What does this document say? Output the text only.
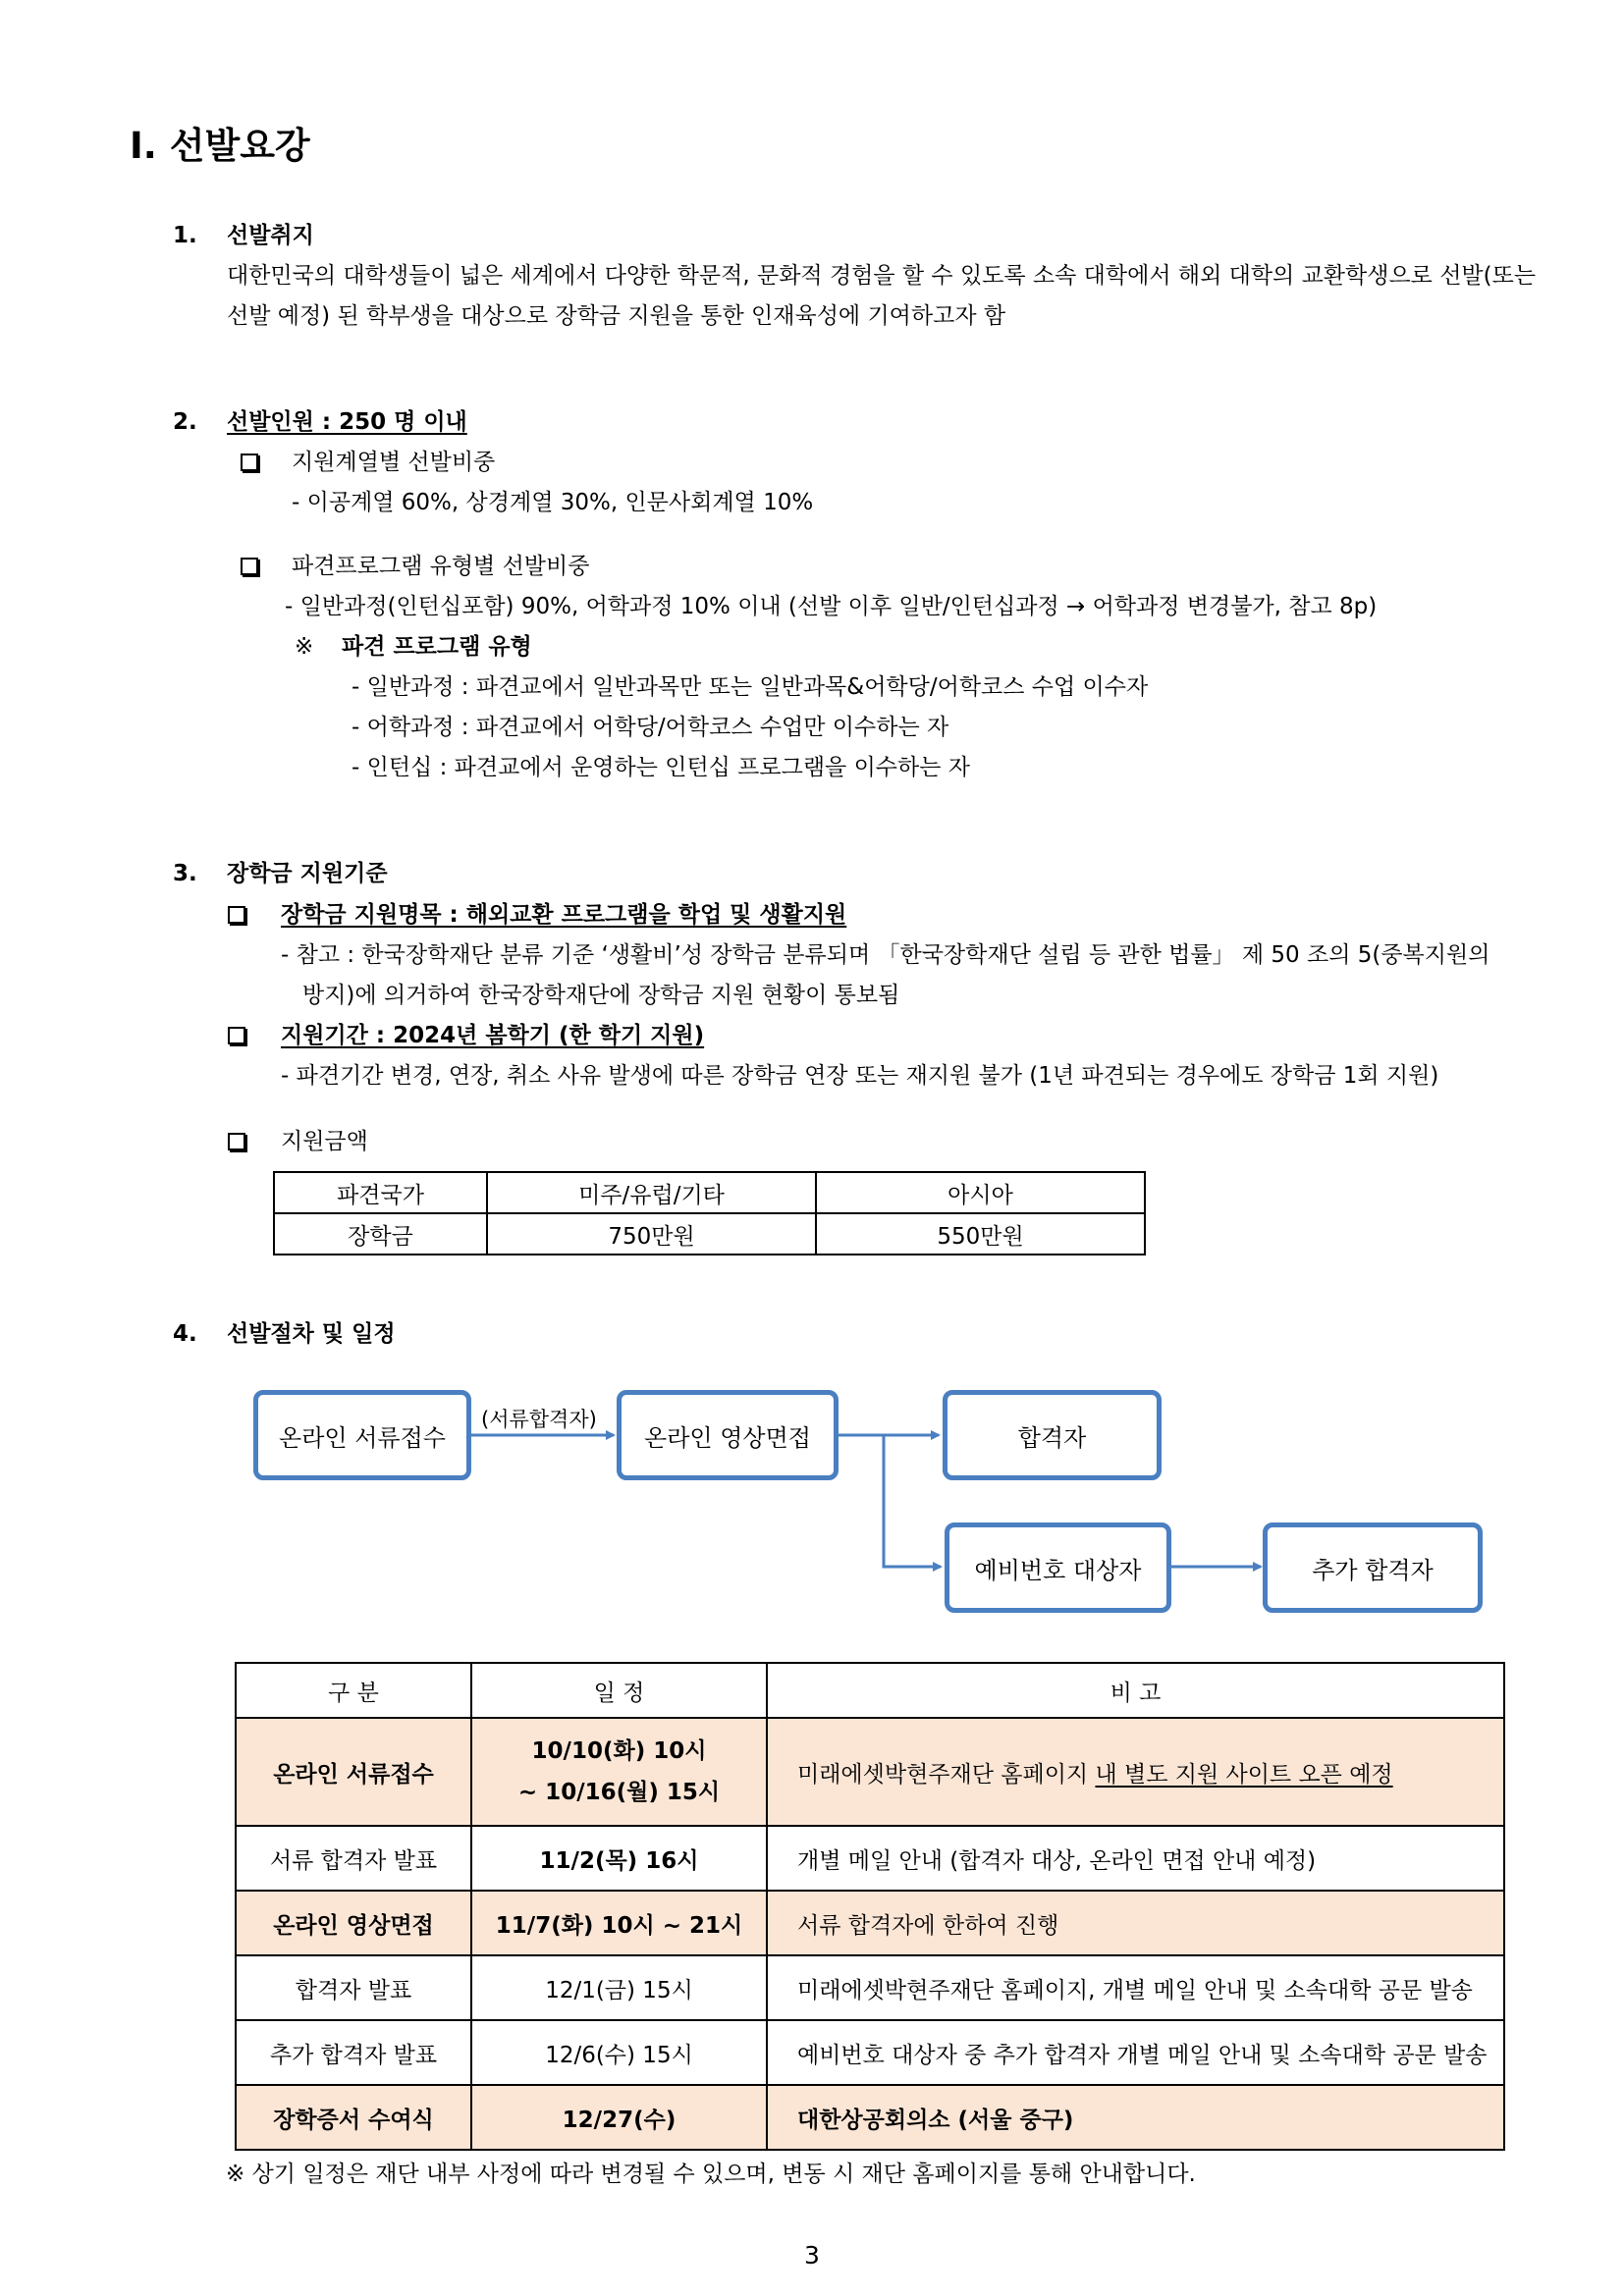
Ⅰ. 선발요강
1. 선발취지
대한민국의 대학생들이 넓은 세계에서 다양한 학문적, 문화적 경험을 할 수 있도록 소속 대학에서 해외 대학의 교환학생으로 선발(또는
선발 예정) 된 학부생을 대상으로 장학금 지원을 통한 인재육성에 기여하고자 함
2. 선발인원 : 250 명 이내
지원계열별 선발비중
- 이공계열 60%, 상경계열 30%, 인문사회계열 10%
파견프로그램 유형별 선발비중
- 일반과정(인턴십포함) 90%, 어학과정 10% 이내 (선발 이후 일반/인턴십과정 → 어학과정 변경불가, 참고 8p)
※ 파견 프로그램 유형
- 일반과정 : 파견교에서 일반과목만 또는 일반과목&어학당/어학코스 수업 이수자
- 어학과정 : 파견교에서 어학당/어학코스 수업만 이수하는 자
- 인턴십 : 파견교에서 운영하는 인턴십 프로그램을 이수하는 자
3. 장학금 지원기준
장학금 지원명목 : 해외교환 프로그램을 학업 및 생활지원
- 참고 : 한국장학재단 분류 기준 ‘생활비’성 장학금 분류되며 「한국장학재단 설립 등 관한 법률」 제 50 조의 5(중복지원의
방지)에 의거하여 한국장학재단에 장학금 지원 현황이 통보됨
지원기간 : 2024년 봄학기 (한 학기 지원)
- 파견기간 변경, 연장, 취소 사유 발생에 따른 장학금 연장 또는 재지원 불가 (1년 파견되는 경우에도 장학금 1회 지원)
지원금액
파견국가	미주/유럽/기타	아시아
장학금	750만원	550만원
4. 선발절차 및 일정
(서류합격자)
온라인 서류접수	온라인 영상면접	합격자
예비번호 대상자	추가 합격자
구 분	일 정	비 고
온라인 서류접수	10/10(화) 10시
~ 10/16(월) 15시	미래에셋박현주재단 홈페이지 내 별도 지원 사이트 오픈 예정
서류 합격자 발표	11/2(목) 16시	개별 메일 안내 (합격자 대상, 온라인 면접 안내 예정)
온라인 영상면접	11/7(화) 10시 ~ 21시	서류 합격자에 한하여 진행
합격자 발표	12/1(금) 15시	미래에셋박현주재단 홈페이지, 개별 메일 안내 및 소속대학 공문 발송
추가 합격자 발표	12/6(수) 15시	예비번호 대상자 중 추가 합격자 개별 메일 안내 및 소속대학 공문 발송
장학증서 수여식	12/27(수)	대한상공회의소 (서울 중구)
※ 상기 일정은 재단 내부 사정에 따라 변경될 수 있으며, 변동 시 재단 홈페이지를 통해 안내합니다.
3
